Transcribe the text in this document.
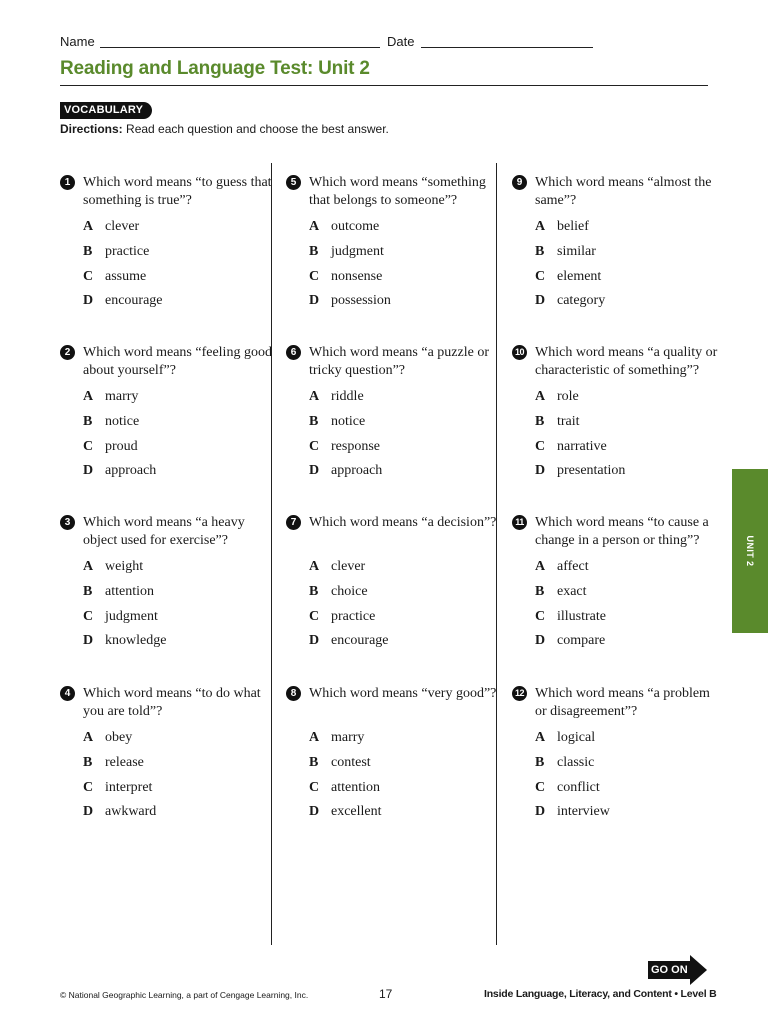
Name	Date
Reading and Language Test: Unit 2
VOCABULARY
Directions: Read each question and choose the best answer.
1 Which word means “to guess that something is true”?
A clever
B practice
C assume
D encourage
2 Which word means “feeling good about yourself”?
A marry
B notice
C proud
D approach
3 Which word means “a heavy object used for exercise”?
A weight
B attention
C judgment
D knowledge
4 Which word means “to do what you are told”?
A obey
B release
C interpret
D awkward
5 Which word means “something that belongs to someone”?
A outcome
B judgment
C nonsense
D possession
6 Which word means “a puzzle or tricky question”?
A riddle
B notice
C response
D approach
7 Which word means “a decision”?
A clever
B choice
C practice
D encourage
8 Which word means “very good”?
A marry
B contest
C attention
D excellent
9 Which word means “almost the same”?
A belief
B similar
C element
D category
10 Which word means “a quality or characteristic of something”?
A role
B trait
C narrative
D presentation
11 Which word means “to cause a change in a person or thing”?
A affect
B exact
C illustrate
D compare
12 Which word means “a problem or disagreement”?
A logical
B classic
C conflict
D interview
UNIT 2
GO ON
© National Geographic Learning, a part of Cengage Learning, Inc.	17	Inside Language, Literacy, and Content • Level B
